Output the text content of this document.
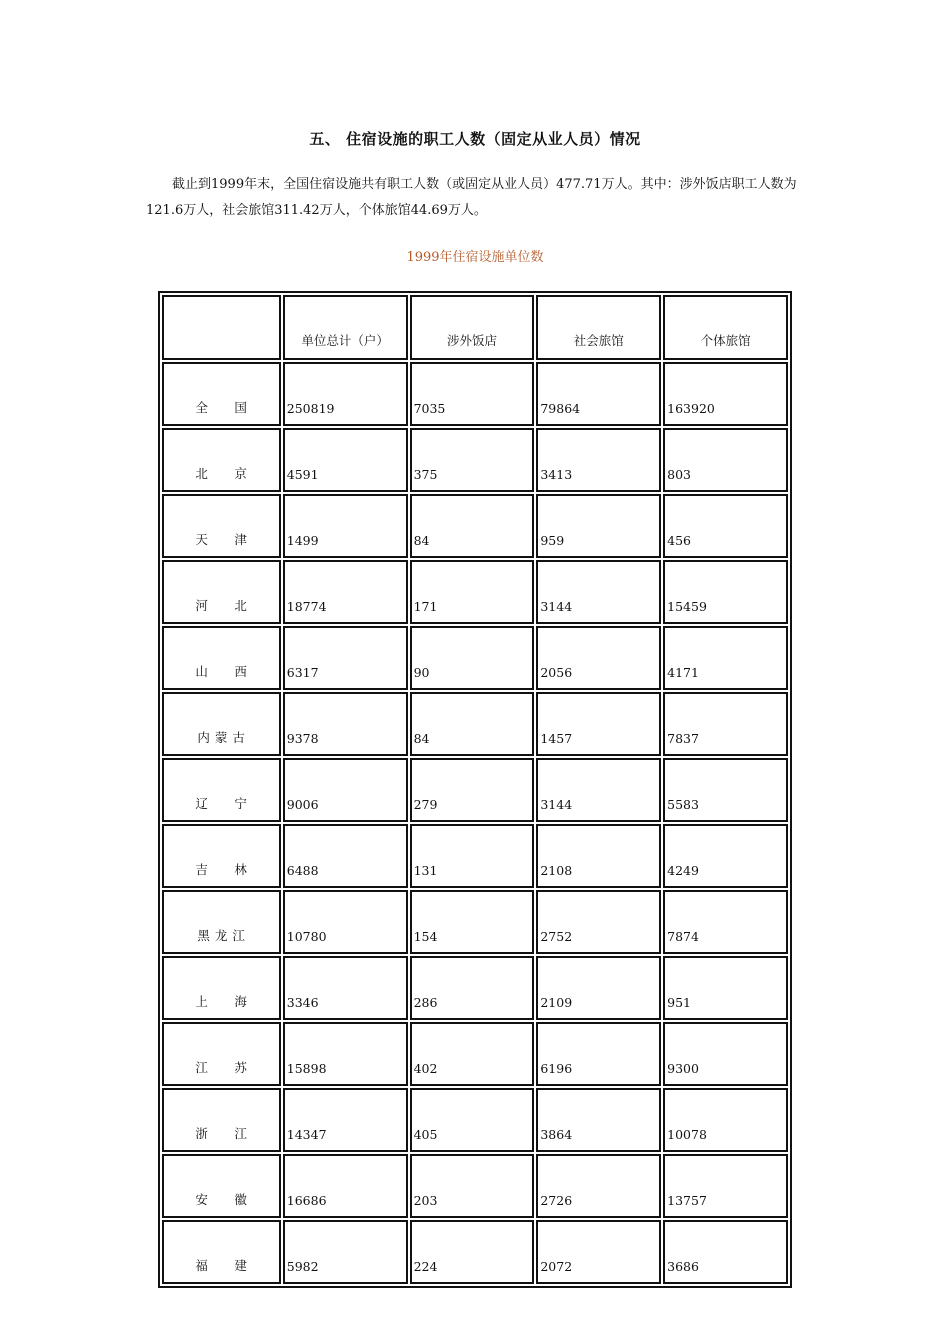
五、 住宿设施的职工人数（固定从业人员）情况
截止到1999年末，全国住宿设施共有职工人数（或固定从业人员）477.71万人。其中：涉外饭店职工人数为121.6万人，社会旅馆311.42万人，个体旅馆44.69万人。
1999年住宿设施单位数
	单位总计（户）	涉外饭店	社会旅馆	个体旅馆
全　　国	250819	7035	79864	163920
北　　京	4591	375	3413	803
天　　津	1499	84	959	456
河　　北	18774	171	3144	15459
山　　西	6317	90	2056	4171
内 蒙 古	9378	84	1457	7837
辽　　宁	9006	279	3144	5583
吉　　林	6488	131	2108	4249
黑 龙 江	10780	154	2752	7874
上　　海	3346	286	2109	951
江　　苏	15898	402	6196	9300
浙　　江	14347	405	3864	10078
安　　徽	16686	203	2726	13757
福　　建	5982	224	2072	3686
